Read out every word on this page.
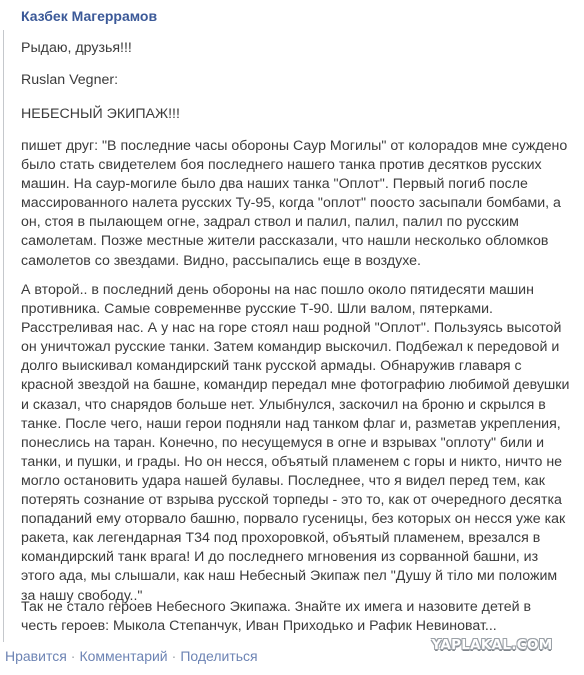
Казбек Магеррамов
Рыдаю, друзья!!!
Ruslan Vegner:
НЕБЕСНЫЙ ЭКИПАЖ!!!
пишет друг: "В последние часы обороны Саур Могилы" от колорадов мне суждено
было стать свидетелем боя последнего нашего танка против десятков русских
машин. На саур-могиле было два наших танка "Оплот". Первый погиб после
массированного налета русских Ту-95, когда "оплот" поосто засыпали бомбами, а
он, стоя в пылающем огне, задрал ствол и палил, палил, палил по русским
самолетам. Позже местные жители рассказали, что нашли несколько обломков
самолетов со звездами. Видно, рассыпались еще в воздухе.
А второй.. в последний день обороны на нас пошло около пятидесяти машин
противника. Самые современнве русские Т-90. Шли валом, пятерками.
Расстреливая нас. А у нас на горе стоял наш родной "Оплот". Пользуясь высотой
он уничтожал русские танки. Затем командир выскочил. Подбежал к передовой и
долго выискивал командирский танк русской армады. Обнаружив главаря с
красной звездой на башне, командир передал мне фотографию любимой девушки
и сказал, что снарядов больше нет. Улыбнулся, заскочил на броню и скрылся в
танке. После чего, наши герои подняли над танком флаг и, разметав укрепления,
понеслись на таран. Конечно, по несущемуся в огне и взрывах "оплоту" били и
танки, и пушки, и грады. Но он несся, объятый пламенем с горы и никто, ничто не
могло остановить удара нашей булавы. Последнее, что я видел перед тем, как
потерять сознание от взрыва русской торпеды - это то, как от очередного десятка
попаданий ему оторвало башню, порвало гусеницы, без которых он несся уже как
ракета, как легендарная Т34 под прохоровкой, объятый пламенем, врезался в
командирский танк врага! И до последнего мгновения из сорванной башни, из
этого ада, мы слышали, как наш Небесный Экипаж пел "Душу й тіло ми положим
за нашу свободу.."
Так не стало героев Небесного Экипажа. Знайте их имега и назовите детей в
честь героев: Мыкола Степанчук, Иван Приходько и Рафик Невиноват...
YAPLAKAL.COM
Нравится · Комментарий · Поделиться
